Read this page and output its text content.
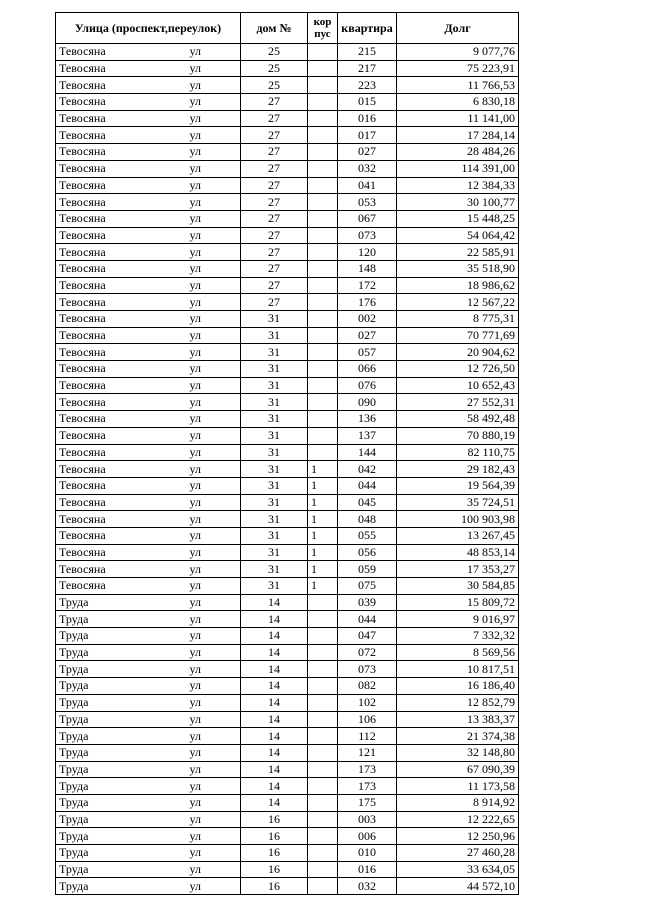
Улица (проспект,переулок)		дом №	кор пус	квартира	Долг
Тевосяна	ул	25		215	9 077,76
Тевосяна	ул	25		217	75 223,91
Тевосяна	ул	25		223	11 766,53
Тевосяна	ул	27		015	6 830,18
Тевосяна	ул	27		016	11 141,00
Тевосяна	ул	27		017	17 284,14
Тевосяна	ул	27		027	28 484,26
Тевосяна	ул	27		032	114 391,00
Тевосяна	ул	27		041	12 384,33
Тевосяна	ул	27		053	30 100,77
Тевосяна	ул	27		067	15 448,25
Тевосяна	ул	27		073	54 064,42
Тевосяна	ул	27		120	22 585,91
Тевосяна	ул	27		148	35 518,90
Тевосяна	ул	27		172	18 986,62
Тевосяна	ул	27		176	12 567,22
Тевосяна	ул	31		002	8 775,31
Тевосяна	ул	31		027	70 771,69
Тевосяна	ул	31		057	20 904,62
Тевосяна	ул	31		066	12 726,50
Тевосяна	ул	31		076	10 652,43
Тевосяна	ул	31		090	27 552,31
Тевосяна	ул	31		136	58 492,48
Тевосяна	ул	31		137	70 880,19
Тевосяна	ул	31		144	82 110,75
Тевосяна	ул	31	1	042	29 182,43
Тевосяна	ул	31	1	044	19 564,39
Тевосяна	ул	31	1	045	35 724,51
Тевосяна	ул	31	1	048	100 903,98
Тевосяна	ул	31	1	055	13 267,45
Тевосяна	ул	31	1	056	48 853,14
Тевосяна	ул	31	1	059	17 353,27
Тевосяна	ул	31	1	075	30 584,85
Труда	ул	14		039	15 809,72
Труда	ул	14		044	9 016,97
Труда	ул	14		047	7 332,32
Труда	ул	14		072	8 569,56
Труда	ул	14		073	10 817,51
Труда	ул	14		082	16 186,40
Труда	ул	14		102	12 852,79
Труда	ул	14		106	13 383,37
Труда	ул	14		112	21 374,38
Труда	ул	14		121	32 148,80
Труда	ул	14		173	67 090,39
Труда	ул	14		173	11 173,58
Труда	ул	14		175	8 914,92
Труда	ул	16		003	12 222,65
Труда	ул	16		006	12 250,96
Труда	ул	16		010	27 460,28
Труда	ул	16		016	33 634,05
Труда	ул	16		032	44 572,10
